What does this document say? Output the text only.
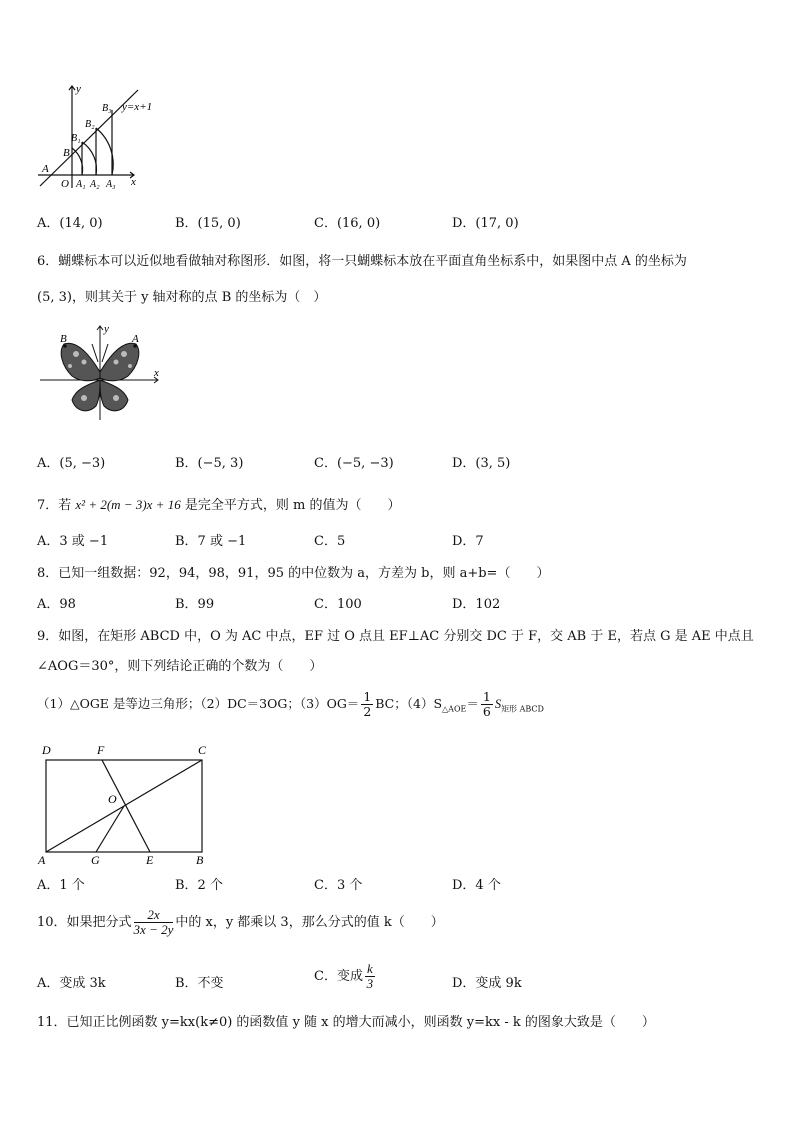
y
x
y=x+1
A
O A₁ A₂ A₃
B
B₁
B₂
B₃
A．(14, 0)	B．(15, 0)	C．(16, 0)	D．(17, 0)
6．蝴蝶标本可以近似地看做轴对称图形．如图，将一只蝴蝶标本放在平面直角坐标系中，如果图中点 A 的坐标为
(5, 3)，则其关于 y 轴对称的点 B 的坐标为（　）
B	A
x
y
A．(5, −3)	B．(−5, 3)	C．(−5, −3)	D．(3, 5)
7．若 x² + 2(m − 3)x + 16 是完全平方式，则 m 的值为（　　）
A．3 或 −1	B．7 或 −1	C．5	D．7
8．已知一组数据：92，94，98，91，95 的中位数为 a，方差为 b，则 a+b=（　　）
A．98	B．99	C．100	D．102
9．如图，在矩形 ABCD 中，O 为 AC 中点，EF 过 O 点且 EF⊥AC 分别交 DC 于 F，交 AB 于 E，若点 G 是 AE 中点且
∠AOG＝30°，则下列结论正确的个数为（　　）
（1）△OGE 是等边三角形；（2）DC＝3OG；$(3)OG= \frac{1}{2}$ BC；$(4)S_{\triangle AOE}= \frac{1}{6} S_{矩形 ABCD}$
D	F	C
O
A	G	E	B
A．1 个	B．2 个	C．3 个	D．4 个
10．如果把分式 $\frac{2x}{3x - 2y}$ 中的 x，y 都乘以 3，那么分式的值 k（　　）
A．变成 3k	B．不变	C．变成 $\frac{k}{3}$	D．变成 9k
11．已知正比例函数 y=kx(k≠0) 的函数值 y 随 x 的增大而减小，则函数 y=kx - k 的图象大致是（　　）
